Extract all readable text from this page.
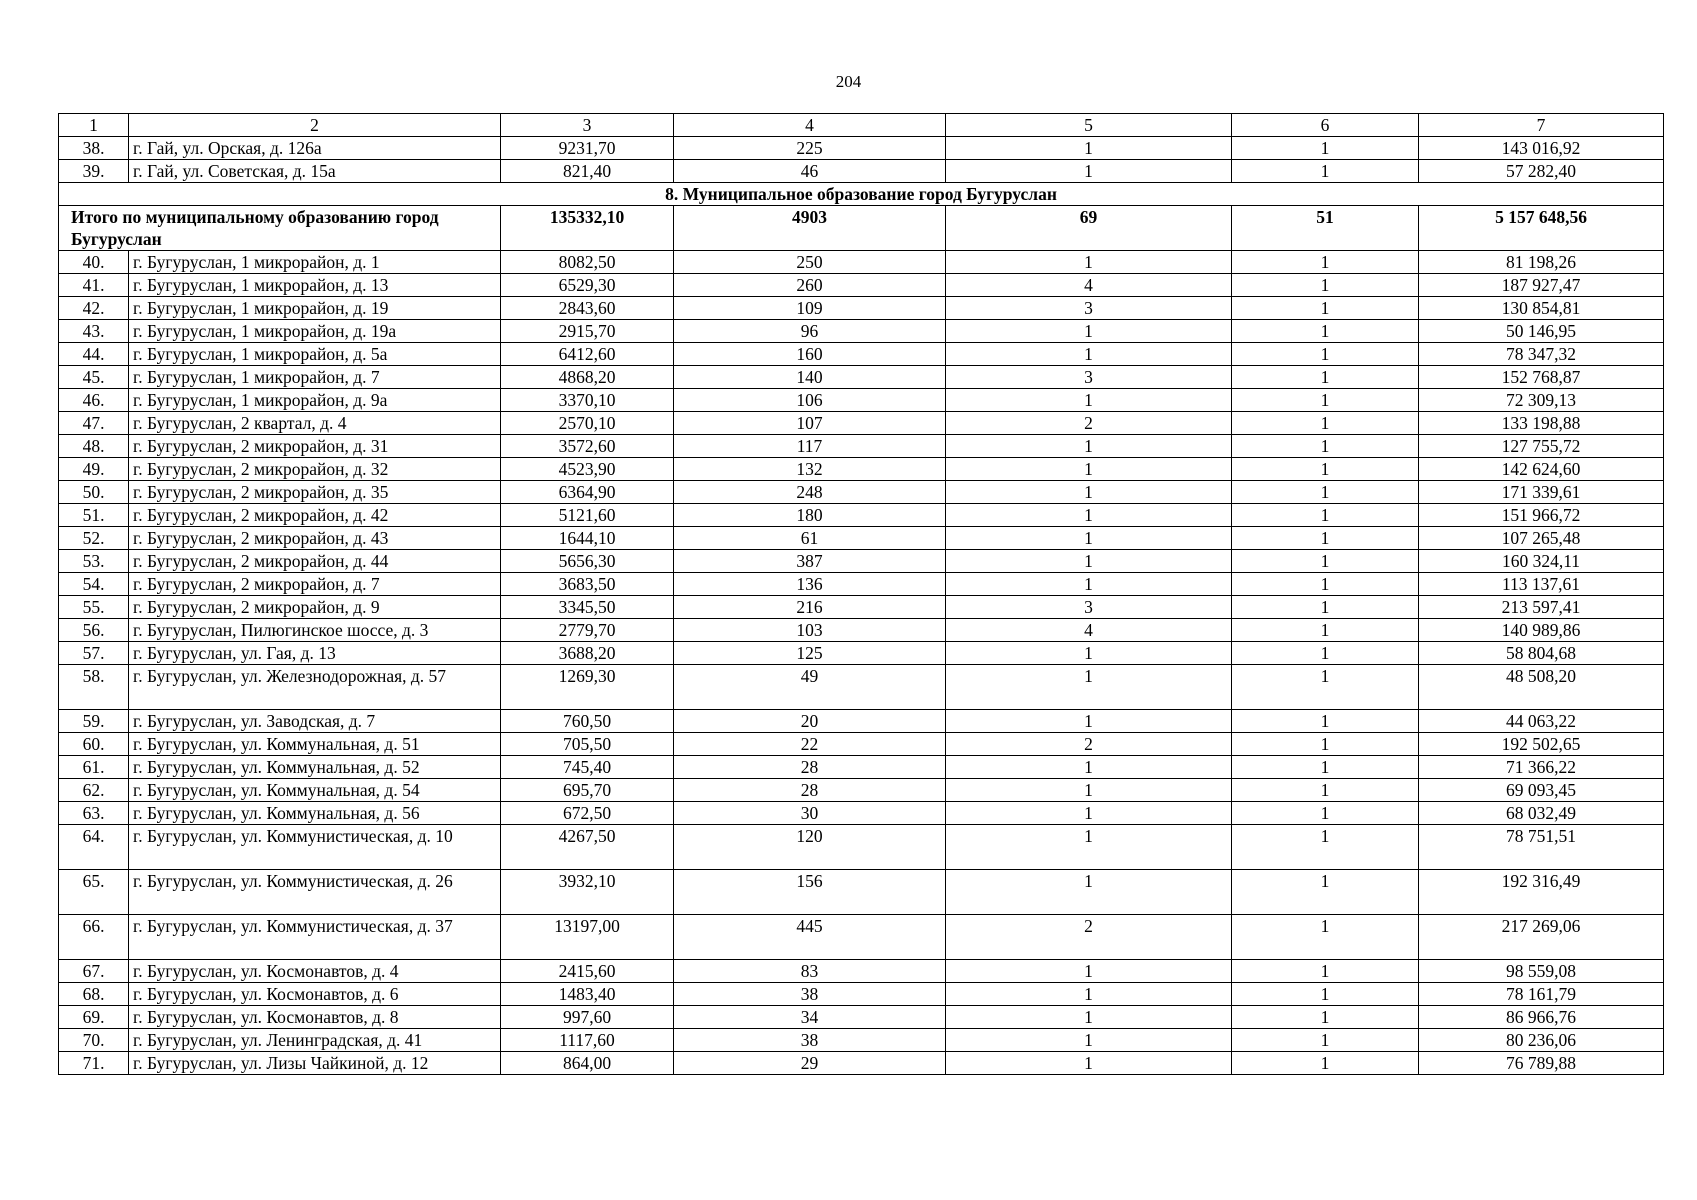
204
1	2	3	4	5	6	7
38.	г. Гай, ул. Орская, д. 126а	9231,70	225	1	1	143 016,92
39.	г. Гай, ул. Советская, д. 15а	821,40	46	1	1	57 282,40
8. Муниципальное образование город Бугуруслан						
Итого по муниципальному образованию город Бугуруслан		135332,10	4903	69	51	5 157 648,56
40.	г. Бугуруслан, 1 микрорайон, д. 1	8082,50	250	1	1	81 198,26
41.	г. Бугуруслан, 1 микрорайон, д. 13	6529,30	260	4	1	187 927,47
42.	г. Бугуруслан, 1 микрорайон, д. 19	2843,60	109	3	1	130 854,81
43.	г. Бугуруслан, 1 микрорайон, д. 19а	2915,70	96	1	1	50 146,95
44.	г. Бугуруслан, 1 микрорайон, д. 5а	6412,60	160	1	1	78 347,32
45.	г. Бугуруслан, 1 микрорайон, д. 7	4868,20	140	3	1	152 768,87
46.	г. Бугуруслан, 1 микрорайон, д. 9а	3370,10	106	1	1	72 309,13
47.	г. Бугуруслан, 2 квартал, д. 4	2570,10	107	2	1	133 198,88
48.	г. Бугуруслан, 2 микрорайон, д. 31	3572,60	117	1	1	127 755,72
49.	г. Бугуруслан, 2 микрорайон, д. 32	4523,90	132	1	1	142 624,60
50.	г. Бугуруслан, 2 микрорайон, д. 35	6364,90	248	1	1	171 339,61
51.	г. Бугуруслан, 2 микрорайон, д. 42	5121,60	180	1	1	151 966,72
52.	г. Бугуруслан, 2 микрорайон, д. 43	1644,10	61	1	1	107 265,48
53.	г. Бугуруслан, 2 микрорайон, д. 44	5656,30	387	1	1	160 324,11
54.	г. Бугуруслан, 2 микрорайон, д. 7	3683,50	136	1	1	113 137,61
55.	г. Бугуруслан, 2 микрорайон, д. 9	3345,50	216	3	1	213 597,41
56.	г. Бугуруслан, Пилюгинское шоссе, д. 3	2779,70	103	4	1	140 989,86
57.	г. Бугуруслан, ул. Гая, д. 13	3688,20	125	1	1	58 804,68
58.	г. Бугуруслан, ул. Железнодорожная, д. 57	1269,30	49	1	1	48 508,20
59.	г. Бугуруслан, ул. Заводская, д. 7	760,50	20	1	1	44 063,22
60.	г. Бугуруслан, ул. Коммунальная, д. 51	705,50	22	2	1	192 502,65
61.	г. Бугуруслан, ул. Коммунальная, д. 52	745,40	28	1	1	71 366,22
62.	г. Бугуруслан, ул. Коммунальная, д. 54	695,70	28	1	1	69 093,45
63.	г. Бугуруслан, ул. Коммунальная, д. 56	672,50	30	1	1	68 032,49
64.	г. Бугуруслан, ул. Коммунистическая, д. 10	4267,50	120	1	1	78 751,51
65.	г. Бугуруслан, ул. Коммунистическая, д. 26	3932,10	156	1	1	192 316,49
66.	г. Бугуруслан, ул. Коммунистическая, д. 37	13197,00	445	2	1	217 269,06
67.	г. Бугуруслан, ул. Космонавтов, д. 4	2415,60	83	1	1	98 559,08
68.	г. Бугуруслан, ул. Космонавтов, д. 6	1483,40	38	1	1	78 161,79
69.	г. Бугуруслан, ул. Космонавтов, д. 8	997,60	34	1	1	86 966,76
70.	г. Бугуруслан, ул. Ленинградская, д. 41	1117,60	38	1	1	80 236,06
71.	г. Бугуруслан, ул. Лизы Чайкиной, д. 12	864,00	29	1	1	76 789,88
